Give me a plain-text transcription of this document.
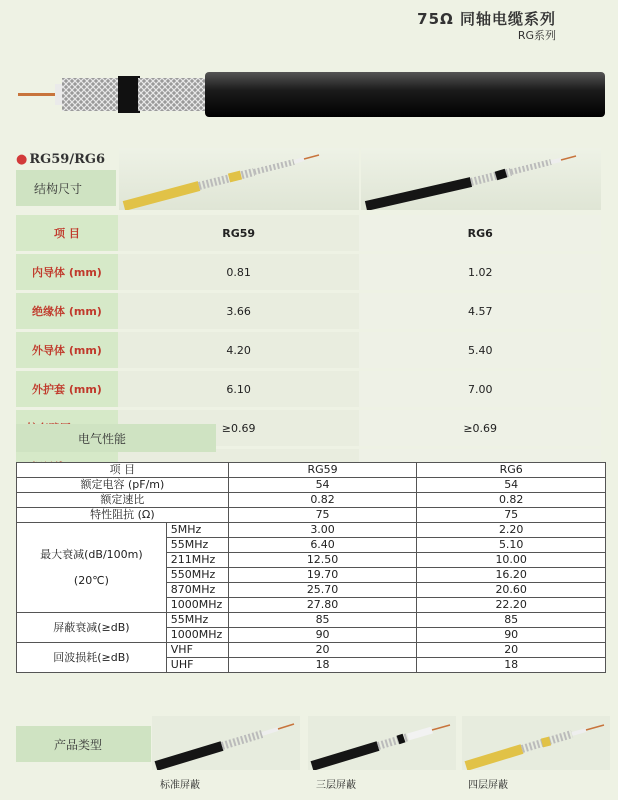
75Ω 同轴电缆系列
RG系列
● RG59/RG6
结构尺寸
项 目	RG59	RG6
内导体 (mm)	0.81	1.02
绝缘体 (mm)	3.66	4.57
外导体 (mm)	4.20	5.40
外护套 (mm)	6.10	7.00
	≥0.69	≥0.69

电气性能
项 目		RG59	RG6
额定电容 (pF/m)		54	54
额定速比		0.82	0.82
特性阻抗 (Ω)		75	75

最大衰减(dB/100m)
(20℃)	5MHz	3.00	2.20
	55MHz	6.40	5.10
	211MHz	12.50	10.00
	550MHz	19.70	16.20
	870MHz	25.70	20.60
	1000MHz	27.80	22.20
屏蔽衰减(≥dB)	55MHz	85	85
	1000MHz	90	90
回波损耗(≥dB)	VHF	20	20
	UHF	18	18
产品类型
标准屏蔽	三层屏蔽	四层屏蔽
